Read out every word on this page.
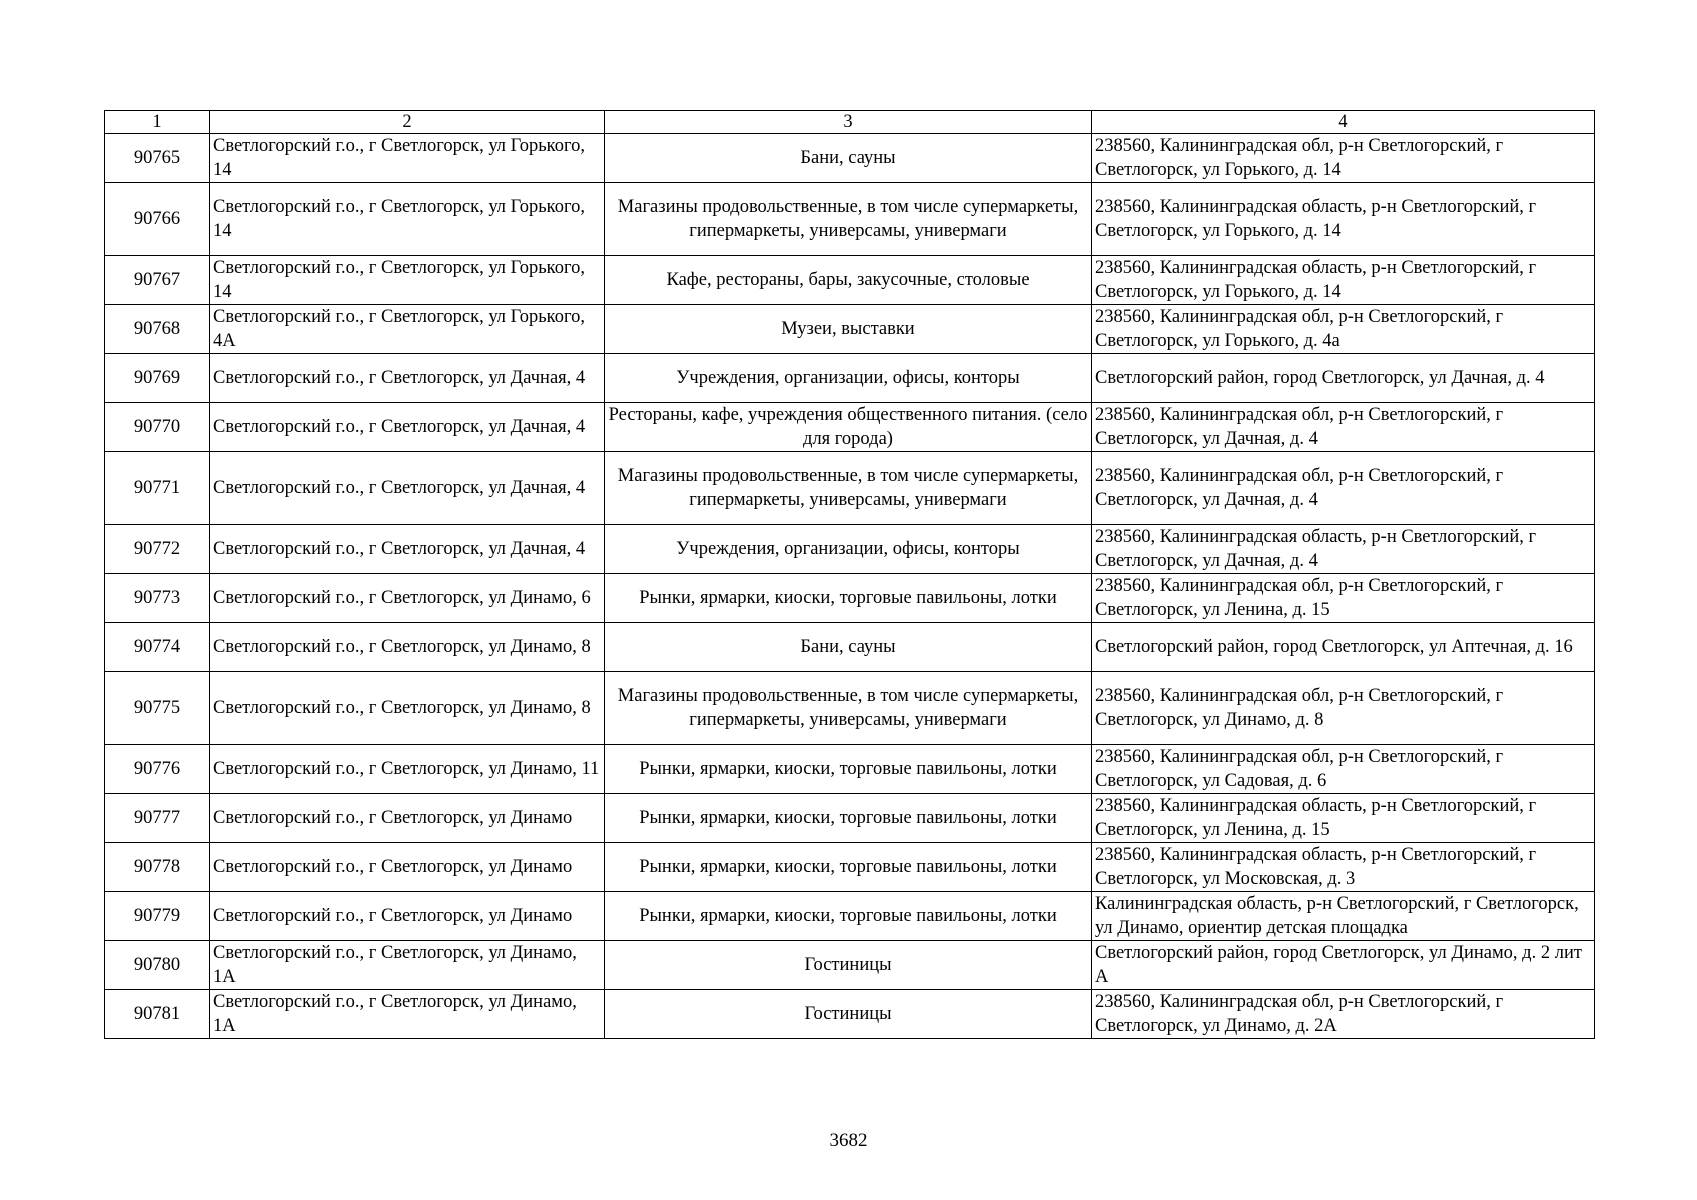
1	2	3	4
90765	Светлогорский г.о., г Светлогорск, ул Горького, 14	Бани, сауны	238560, Калининградская обл, р-н Светлогорский, г Светлогорск, ул Горького, д. 14
90766	Светлогорский г.о., г Светлогорск, ул Горького, 14	Магазины продовольственные, в том числе супермаркеты, гипермаркеты, универсамы, универмаги	238560, Калининградская область, р-н Светлогорский, г Светлогорск, ул Горького, д. 14
90767	Светлогорский г.о., г Светлогорск, ул Горького, 14	Кафе, рестораны, бары, закусочные, столовые	238560, Калининградская область, р-н Светлогорский, г Светлогорск, ул Горького, д. 14
90768	Светлогорский г.о., г Светлогорск, ул Горького, 4А	Музеи, выставки	238560, Калининградская обл, р-н Светлогорский, г Светлогорск, ул Горького, д. 4а
90769	Светлогорский г.о., г Светлогорск, ул Дачная, 4	Учреждения, организации, офисы, конторы	Светлогорский район, город Светлогорск, ул Дачная, д. 4
90770	Светлогорский г.о., г Светлогорск, ул Дачная, 4	Рестораны, кафе, учреждения общественного питания. (село для города)	238560, Калининградская обл, р-н Светлогорский, г Светлогорск, ул Дачная, д. 4
90771	Светлогорский г.о., г Светлогорск, ул Дачная, 4	Магазины продовольственные, в том числе супермаркеты, гипермаркеты, универсамы, универмаги	238560, Калининградская обл, р-н Светлогорский, г Светлогорск, ул Дачная, д. 4
90772	Светлогорский г.о., г Светлогорск, ул Дачная, 4	Учреждения, организации, офисы, конторы	238560, Калининградская область, р-н Светлогорский, г Светлогорск, ул Дачная, д. 4
90773	Светлогорский г.о., г Светлогорск, ул Динамо, 6	Рынки, ярмарки, киоски, торговые павильоны, лотки	238560, Калининградская обл, р-н Светлогорский, г Светлогорск, ул Ленина, д. 15
90774	Светлогорский г.о., г Светлогорск, ул Динамо, 8	Бани, сауны	Светлогорский район, город Светлогорск, ул Аптечная, д. 16
90775	Светлогорский г.о., г Светлогорск, ул Динамо, 8	Магазины продовольственные, в том числе супермаркеты, гипермаркеты, универсамы, универмаги	238560, Калининградская обл, р-н Светлогорский, г Светлогорск, ул Динамо, д. 8
90776	Светлогорский г.о., г Светлогорск, ул Динамо, 11	Рынки, ярмарки, киоски, торговые павильоны, лотки	238560, Калининградская обл, р-н Светлогорский, г Светлогорск, ул Садовая, д. 6
90777	Светлогорский г.о., г Светлогорск, ул Динамо	Рынки, ярмарки, киоски, торговые павильоны, лотки	238560, Калининградская область, р-н Светлогорский, г Светлогорск, ул Ленина, д. 15
90778	Светлогорский г.о., г Светлогорск, ул Динамо	Рынки, ярмарки, киоски, торговые павильоны, лотки	238560, Калининградская область, р-н Светлогорский, г Светлогорск, ул Московская, д. 3
90779	Светлогорский г.о., г Светлогорск, ул Динамо	Рынки, ярмарки, киоски, торговые павильоны, лотки	Калининградская область, р-н Светлогорский, г Светлогорск, ул Динамо, ориентир детская площадка
90780	Светлогорский г.о., г Светлогорск, ул Динамо, 1А	Гостиницы	Светлогорский район, город Светлогорск, ул Динамо, д. 2 лит А
90781	Светлогорский г.о., г Светлогорск, ул Динамо, 1А	Гостиницы	238560, Калининградская обл, р-н Светлогорский, г Светлогорск, ул Динамо, д. 2А
3682
